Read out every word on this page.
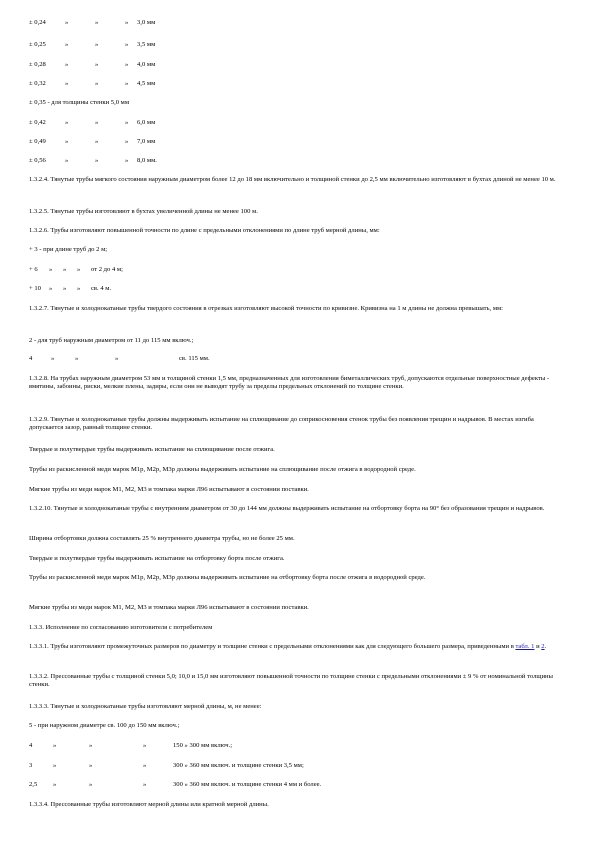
± 0,24	»	»	» 3,0 мм
± 0,25	»	»	» 3,5 мм
± 0,28	»	»	» 4,0 мм
± 0,32	»	»	» 4,5 мм
± 0,35 - для толщины стенки 5,0 мм
± 0,42	»	»	» 6,0 мм
± 0,49	»	»	» 7,0 мм
± 0,56	»	»	» 8,0 мм.

1.3.2.4. Тянутые трубы мягкого состояния наружным диаметром более 12 до 18 мм включительно и толщиной стенки до 2,5 мм включительно изготовляют в бухтах длиной не менее 10 м.

1.3.2.5. Тянутые трубы изготовляют в бухтах увеличенной длины не менее 100 м.

1.3.2.6. Трубы изготовляют повышенной точности по длине с предельными отклонениями по длине труб мерной длины, мм:

+ 3 - при длине труб до 2 м;
+ 6 » » » от 2 до 4 м;
+ 10 » » » св. 4 м.

1.3.2.7. Тянутые и холоднокатаные трубы твердого состояния в отрезках изготовляют высокой точности по кривизне. Кривизна на 1 м длины не должна превышать, мм:

2 - для труб наружным диаметром от 11 до 115 мм включ.;

4	»	»	»	св. 115 мм.

1.3.2.8. На трубах наружным диаметром 53 мм и толщиной стенки 1,5 мм, предназначенных для изготовления биметаллических труб, допускаются отдельные поверхностные дефекты - вмятины, забоины, риски, мелкие плены, задиры, если они не выводят трубу за пределы предельных отклонений по толщине стенки.

1.3.2.9. Тянутые и холоднокатаные трубы должны выдерживать испытание на сплющивание до соприкосновения стенок трубы без появления трещин и надрывов. В местах изгиба допускается зазор, равный толщине стенки.

Твердые и полутвердые трубы выдерживать испытание на сплющивание после отжига.

Трубы из раскисленной меди марок М1р, М2р, М3р должны выдерживать испытание на сплющивание после отжига в водородной среде.

Мягкие трубы из меди марок М1, М2, М3 и томпака марки Л96 испытывают в состоянии поставки.

1.3.2.10. Тянутые и холоднокатаные трубы с внутренним диаметром от 30 до 144 мм должны выдерживать испытание на отбортовку борта на 90° без образования трещин и надрывов.

Ширина отбортовки должна составлять 25 % внутреннего диаметра трубы, но не более 25 мм.

Твердые и полутвердые трубы выдерживать испытание на отбортовку борта после отжига.

Трубы из раскисленной меди марок М1р, М2р, М3р должны выдерживать испытание на отбортовку борта после отжига в водородной среде.

Мягкие трубы из меди марок М1, М2, М3 и томпака марки Л96 испытывают в состоянии поставки.

1.3.3. Исполнение по согласованию изготовителя с потребителем

1.3.3.1. Трубы изготовляют промежуточных размеров по диаметру и толщине стенки с предельными отклонениями как для следующего большего размера, приведенными в табл. 1 и 2.

1.3.3.2. Прессованные трубы с толщиной стенки 5,0; 10,0 и 15,0 мм изготовляют повышенной точности по толщине стенки с предельными отклонениями ± 9 % от номинальной толщины стенки.

1.3.3.3. Тянутые и холоднокатаные трубы изготовляют мерной длины, м, не менее:

5 - при наружном диаметре св. 100 до 150 мм включ.;

4	»	»	»	150 » 300 мм включ.;
3	»	»	»	300 » 360 мм включ. и толщине стенки 3,5 мм;
2,5 »	»	»	300 » 360 мм включ. и толщине стенки 4 мм и более.

1.3.3.4. Прессованные трубы изготовляют мерной длины или кратной мерной длины.
